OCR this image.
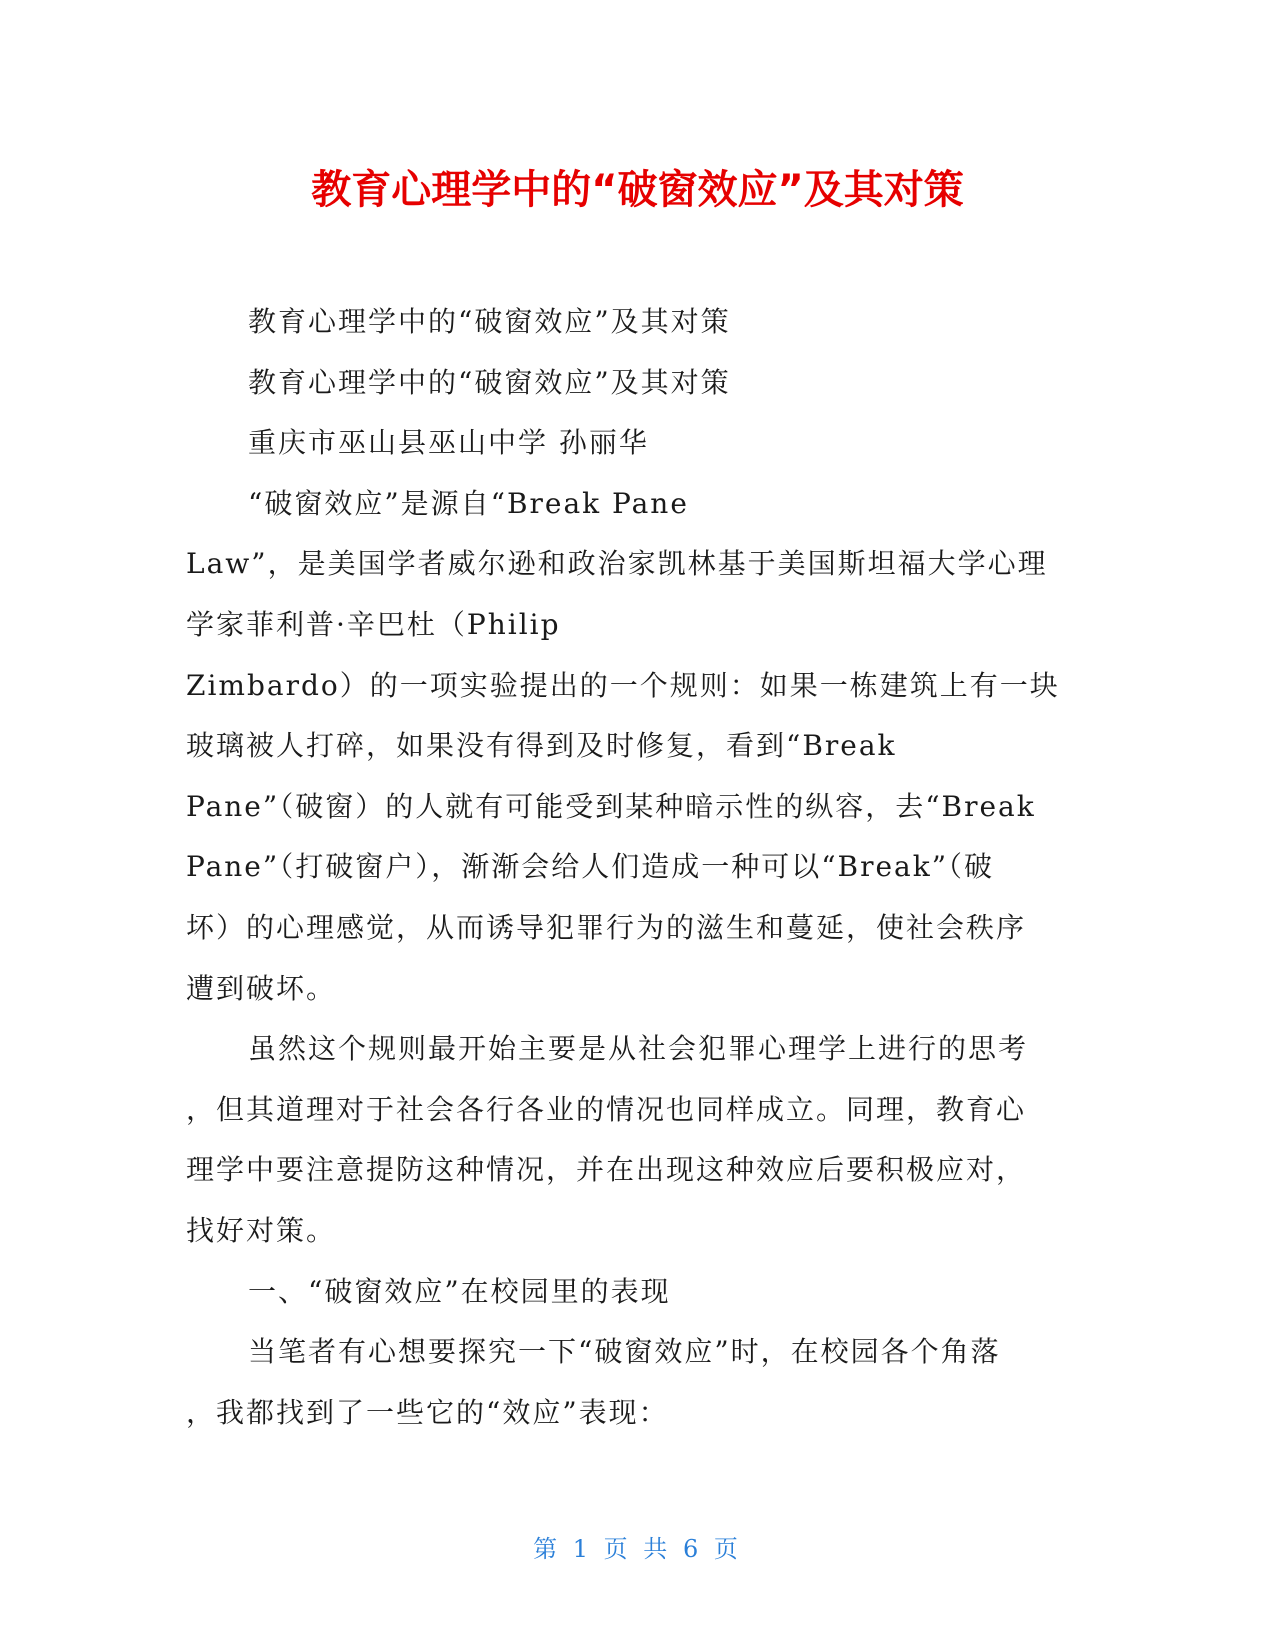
教育心理学中的“破窗效应”及其对策
教育心理学中的“破窗效应”及其对策
教育心理学中的“破窗效应”及其对策
重庆市巫山县巫山中学 孙丽华
“破窗效应”是源自“Break Pane
Law”，是美国学者威尔逊和政治家凯林基于美国斯坦福大学心理
学家菲利普·辛巴杜（Philip
Zimbardo）的一项实验提出的一个规则：如果一栋建筑上有一块
玻璃被人打碎，如果没有得到及时修复，看到“Break
Pane”（破窗）的人就有可能受到某种暗示性的纵容，去“Break
Pane”（打破窗户），渐渐会给人们造成一种可以“Break”（破
坏）的心理感觉，从而诱导犯罪行为的滋生和蔓延，使社会秩序
遭到破坏。
虽然这个规则最开始主要是从社会犯罪心理学上进行的思考
，但其道理对于社会各行各业的情况也同样成立。同理，教育心
理学中要注意提防这种情况，并在出现这种效应后要积极应对，
找好对策。
一、“破窗效应”在校园里的表现
当笔者有心想要探究一下“破窗效应”时，在校园各个角落
，我都找到了一些它的“效应”表现：
第 1 页 共 6 页
